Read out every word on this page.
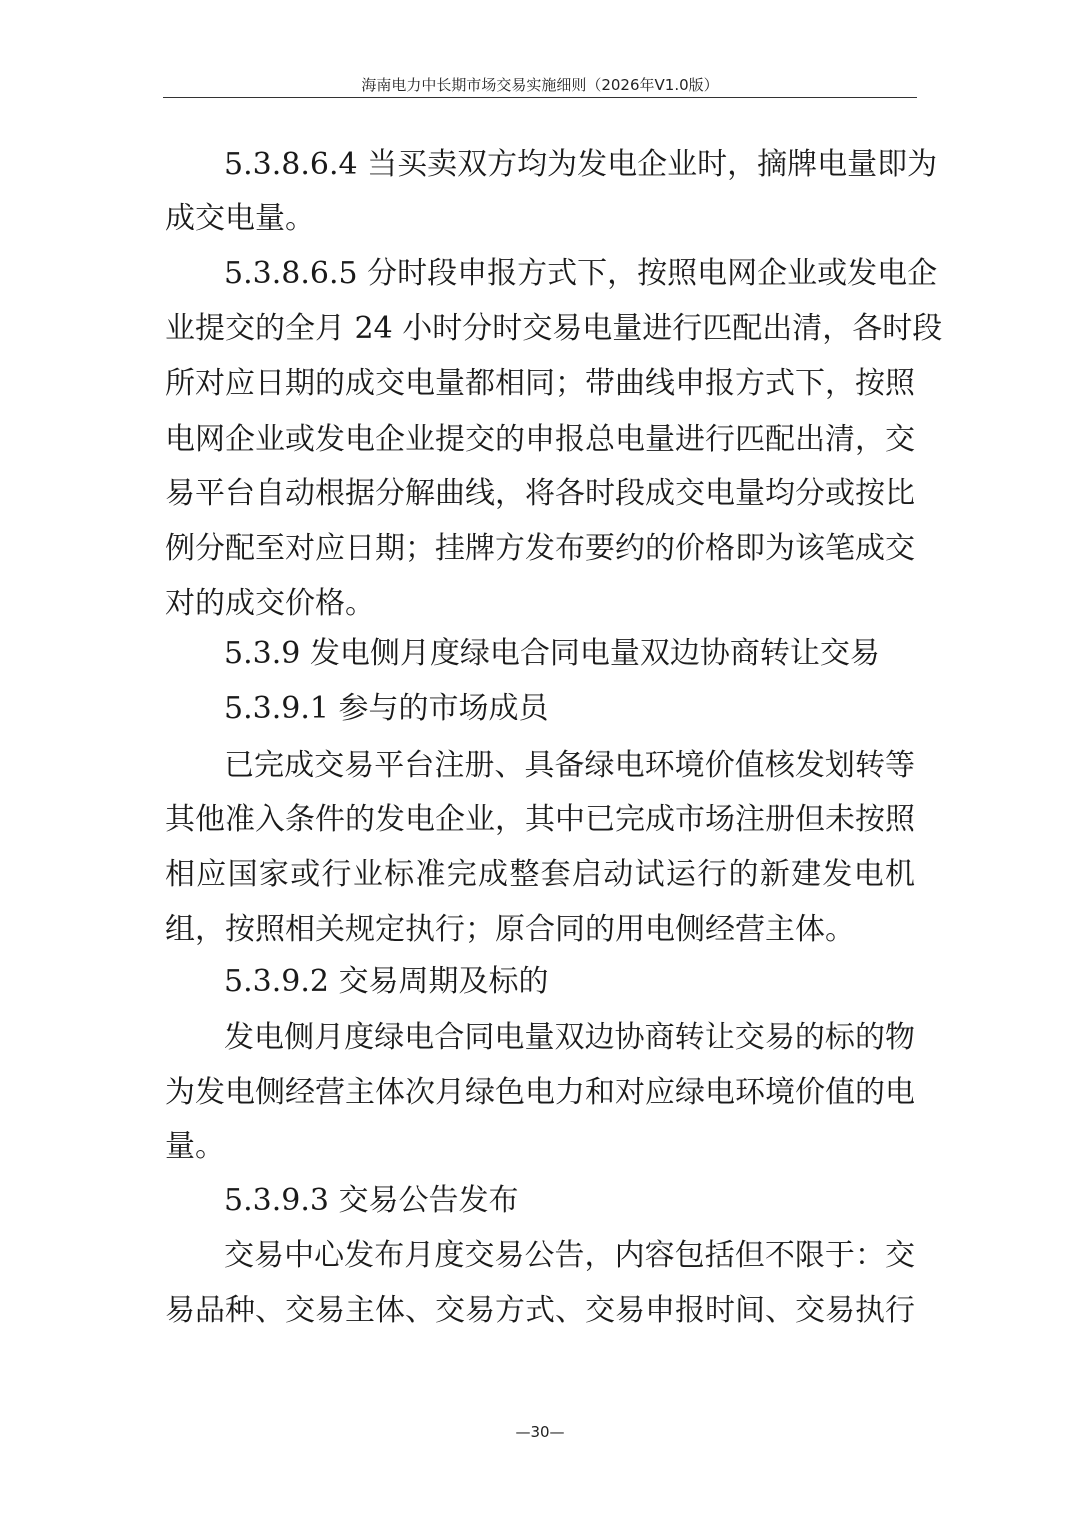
海南电力中长期市场交易实施细则（2026年V1.0版）
5.3.8.6.4 当买卖双方均为发电企业时，摘牌电量即为
成交电量。
5.3.8.6.5 分时段申报方式下，按照电网企业或发电企
业提交的全月 24 小时分时交易电量进行匹配出清，各时段
所对应日期的成交电量都相同；带曲线申报方式下，按照
电网企业或发电企业提交的申报总电量进行匹配出清，交
易平台自动根据分解曲线，将各时段成交电量均分或按比
例分配至对应日期；挂牌方发布要约的价格即为该笔成交
对的成交价格。
5.3.9 发电侧月度绿电合同电量双边协商转让交易
5.3.9.1 参与的市场成员
已完成交易平台注册、具备绿电环境价值核发划转等
其他准入条件的发电企业，其中已完成市场注册但未按照
相应国家或行业标准完成整套启动试运行的新建发电机
组，按照相关规定执行；原合同的用电侧经营主体。
5.3.9.2 交易周期及标的
发电侧月度绿电合同电量双边协商转让交易的标的物
为发电侧经营主体次月绿色电力和对应绿电环境价值的电
量。
5.3.9.3 交易公告发布
交易中心发布月度交易公告，内容包括但不限于：交
易品种、交易主体、交易方式、交易申报时间、交易执行
—30—
